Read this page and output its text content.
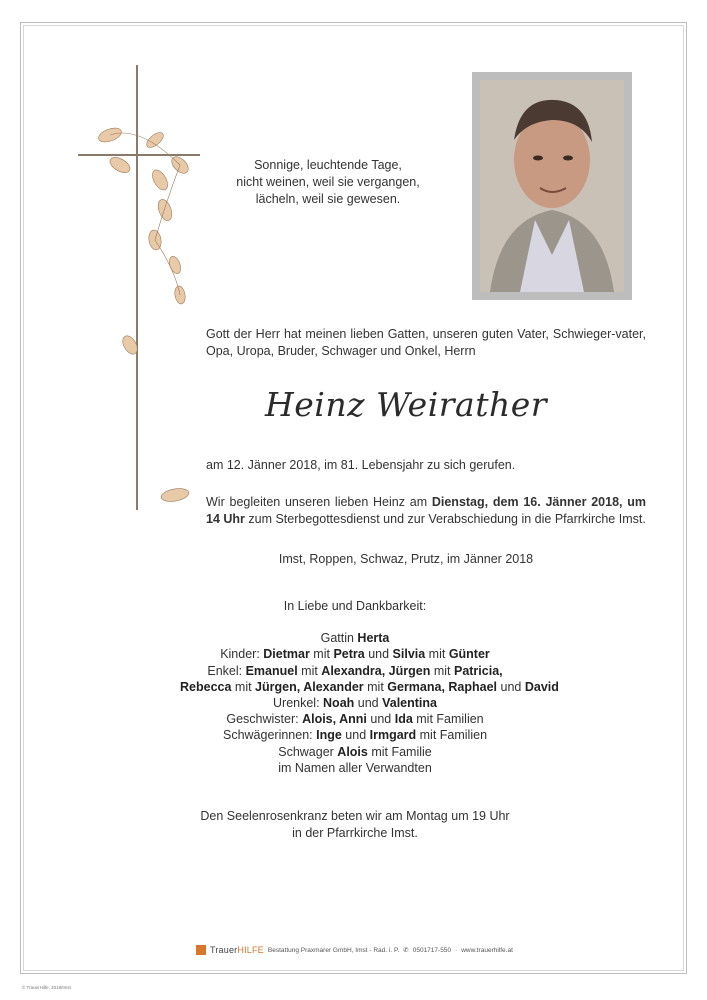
Sonnige, leuchtende Tage,
nicht weinen, weil sie vergangen,
lächeln, weil sie gewesen.
Gott der Herr hat meinen lieben Gatten, unseren guten Vater, Schwieger-vater, Opa, Uropa, Bruder, Schwager und Onkel, Herrn
Heinz Weirather
am 12. Jänner 2018, im 81. Lebensjahr zu sich gerufen.
Wir begleiten unseren lieben Heinz am Dienstag, dem 16. Jänner 2018, um 14 Uhr zum Sterbegottesdienst und zur Verabschiedung in die Pfarrkirche Imst.
Imst, Roppen, Schwaz, Prutz, im Jänner 2018
In Liebe und Dankbarkeit:
Gattin Herta
Kinder: Dietmar mit Petra und Silvia mit Günter
Enkel: Emanuel mit Alexandra, Jürgen mit Patricia,
Rebecca mit Jürgen, Alexander mit Germana, Raphael und David
Urenkel: Noah und Valentina
Geschwister: Alois, Anni und Ida mit Familien
Schwägerinnen: Inge und Irmgard mit Familien
Schwager Alois mit Familie
im Namen aller Verwandten
Den Seelenrosenkranz beten wir am Montag um 19 Uhr
in der Pfarrkirche Imst.
TrauerHILFE Bestattung Praxmarer GmbH, Imst - Rad. i. P. ✆ 0501717-550 · www.trauerhilfe.at
© TrauerHilfe, 2018/Imst
